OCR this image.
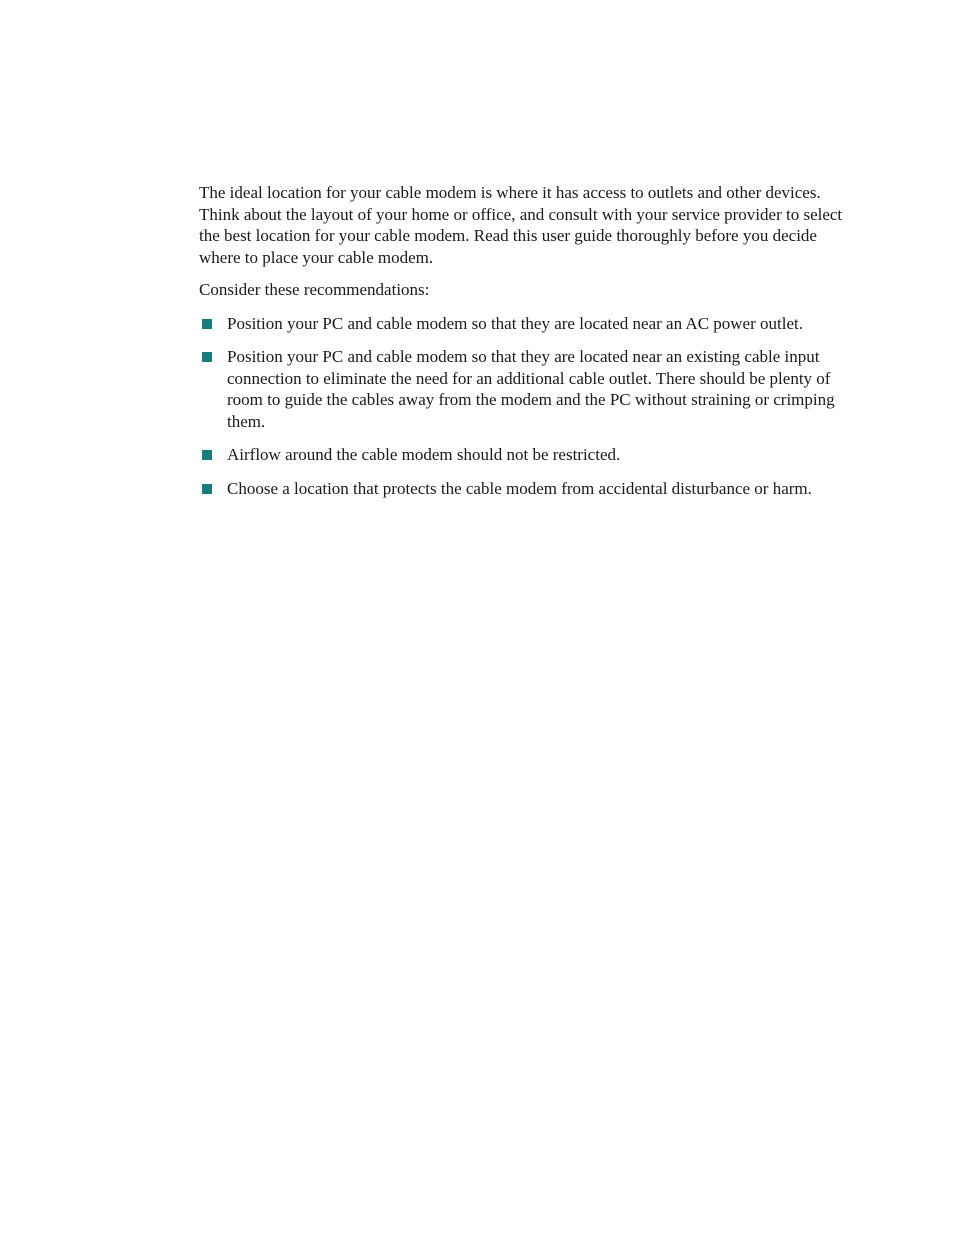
The ideal location for your cable modem is where it has access to outlets and other devices. Think about the layout of your home or office, and consult with your service provider to select the best location for your cable modem. Read this user guide thoroughly before you decide where to place your cable modem.

Consider these recommendations:

Position your PC and cable modem so that they are located near an AC power outlet.
Position your PC and cable modem so that they are located near an existing cable input connection to eliminate the need for an additional cable outlet. There should be plenty of room to guide the cables away from the modem and the PC without straining or crimping them.
Airflow around the cable modem should not be restricted.
Choose a location that protects the cable modem from accidental disturbance or harm.
